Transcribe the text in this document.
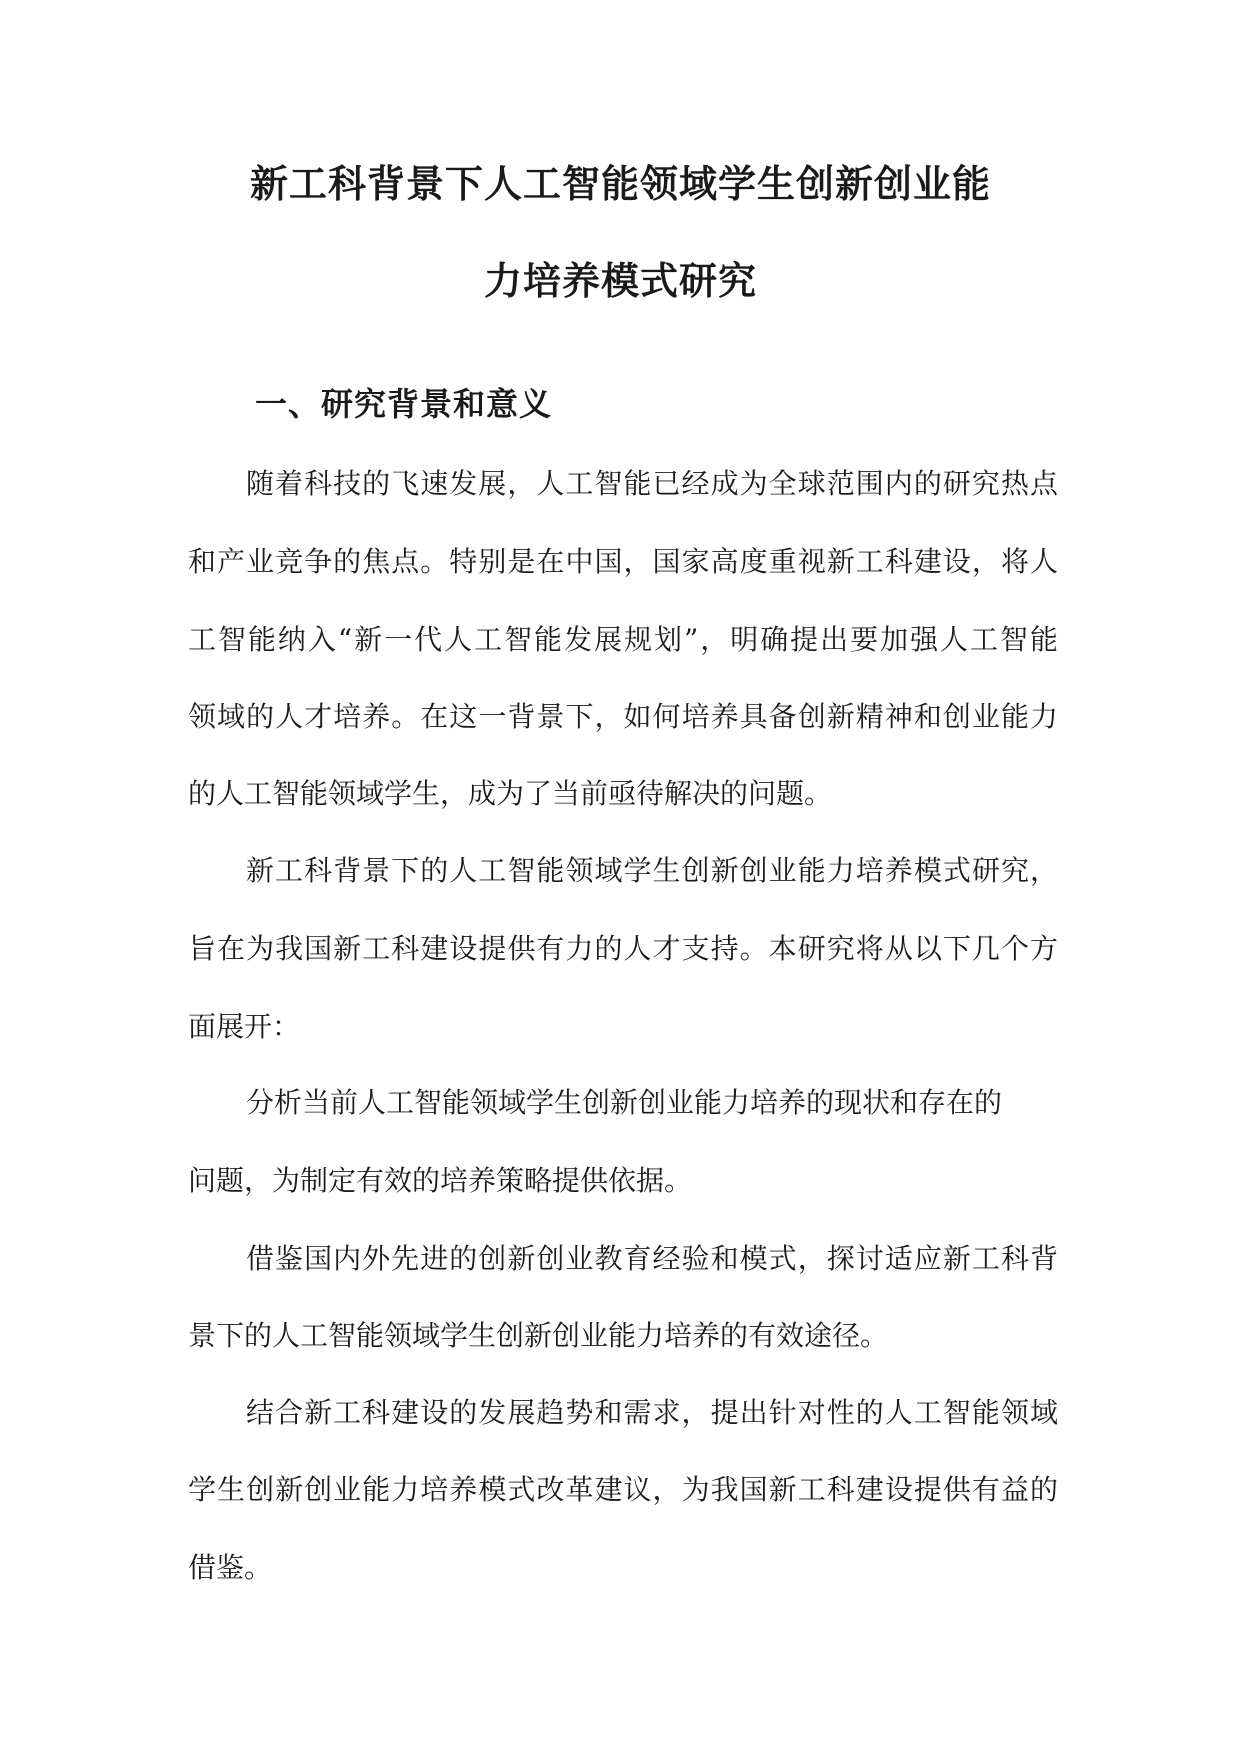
新工科背景下人工智能领域学生创新创业能
力培养模式研究
一、研究背景和意义

随着科技的飞速发展，人工智能已经成为全球范围内的研究热点

和产业竞争的焦点。特别是在中国，国家高度重视新工科建设，将人

工智能纳入“新一代人工智能发展规划”，明确提出要加强人工智能

领域的人才培养。在这一背景下，如何培养具备创新精神和创业能力

的人工智能领域学生，成为了当前亟待解决的问题。

新工科背景下的人工智能领域学生创新创业能力培养模式研究，

旨在为我国新工科建设提供有力的人才支持。本研究将从以下几个方

面展开：

分析当前人工智能领域学生创新创业能力培养的现状和存在的

问题，为制定有效的培养策略提供依据。

借鉴国内外先进的创新创业教育经验和模式，探讨适应新工科背

景下的人工智能领域学生创新创业能力培养的有效途径。

结合新工科建设的发展趋势和需求，提出针对性的人工智能领域

学生创新创业能力培养模式改革建议，为我国新工科建设提供有益的

借鉴。
